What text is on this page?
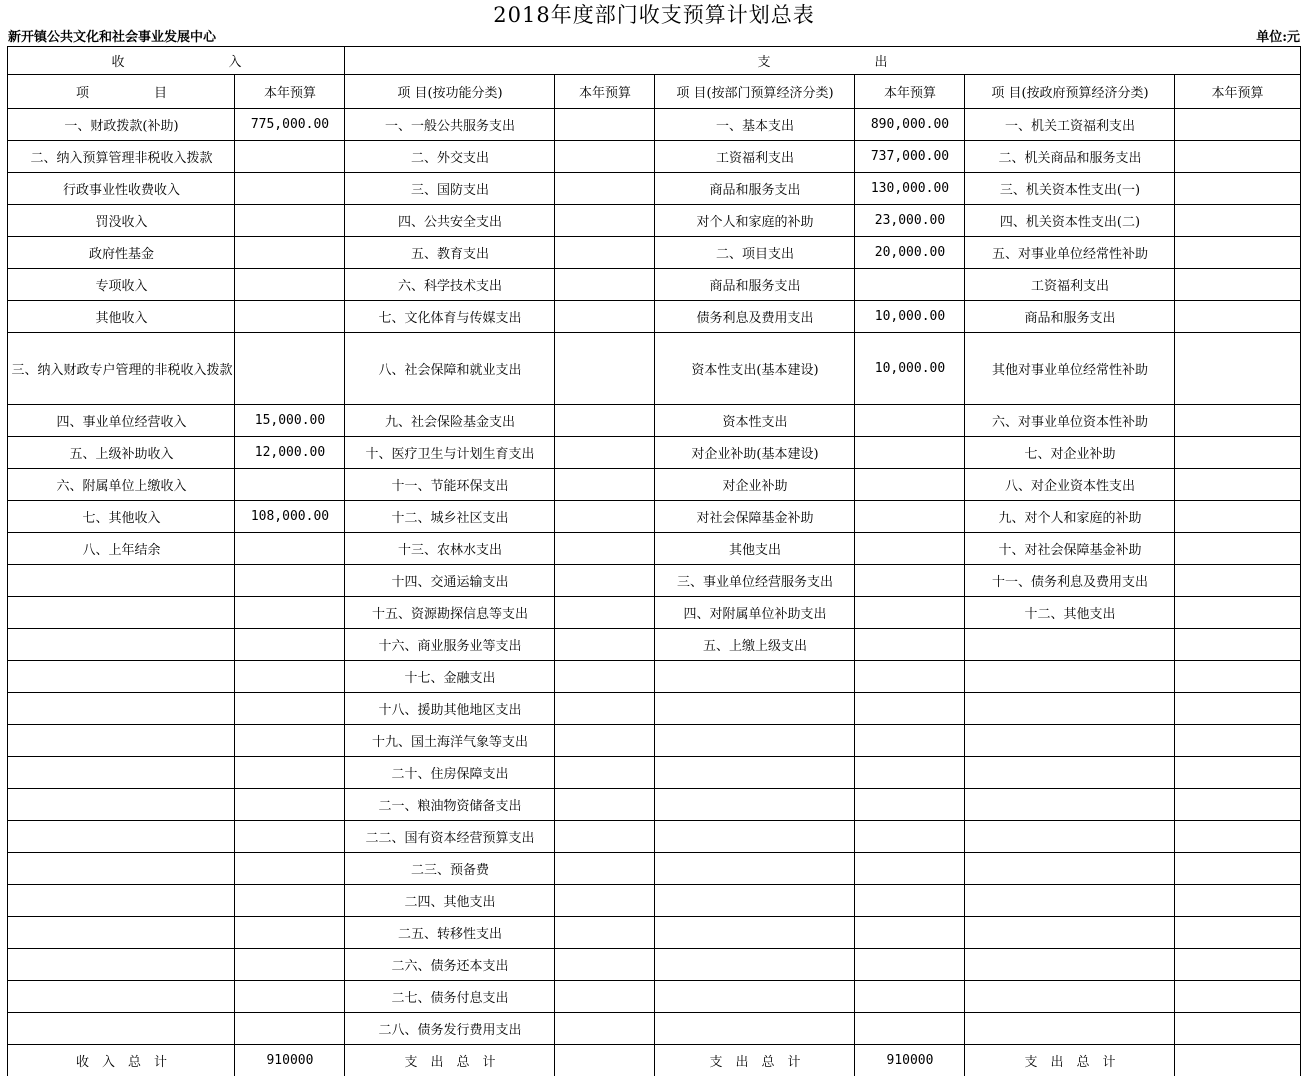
2018年度部门收支预算计划总表
新开镇公共文化和社会事业发展中心	单位:元
收　　　　　　　　入		支　　　　　　　　出					
项　　　　　目	本年预算	项 目(按功能分类)	本年预算	项 目(按部门预算经济分类)	本年预算	项 目(按政府预算经济分类)	本年预算
一、财政拨款(补助)	775,000.00	一、一般公共服务支出		一、基本支出	890,000.00	一、机关工资福利支出	
二、纳入预算管理非税收入拨款		二、外交支出		工资福利支出	737,000.00	二、机关商品和服务支出	
行政事业性收费收入		三、国防支出		商品和服务支出	130,000.00	三、机关资本性支出(一)	
罚没收入		四、公共安全支出		对个人和家庭的补助	23,000.00	四、机关资本性支出(二)	
政府性基金		五、教育支出		二、项目支出	20,000.00	五、对事业单位经常性补助	
专项收入		六、科学技术支出		商品和服务支出		工资福利支出	
其他收入		七、文化体育与传媒支出		债务利息及费用支出	10,000.00	商品和服务支出	
三、纳入财政专户管理的非税收入拨款		八、社会保障和就业支出		资本性支出(基本建设)	10,000.00	其他对事业单位经常性补助	
四、事业单位经营收入	15,000.00	九、社会保险基金支出		资本性支出		六、对事业单位资本性补助	
五、上级补助收入	12,000.00	十、医疗卫生与计划生育支出		对企业补助(基本建设)		七、对企业补助	
六、附属单位上缴收入		十一、节能环保支出		对企业补助		八、对企业资本性支出	
七、其他收入	108,000.00	十二、城乡社区支出		对社会保障基金补助		九、对个人和家庭的补助	
八、上年结余		十三、农林水支出		其他支出		十、对社会保障基金补助	
		十四、交通运输支出		三、事业单位经营服务支出		十一、债务利息及费用支出	
		十五、资源勘探信息等支出		四、对附属单位补助支出		十二、其他支出	
		十六、商业服务业等支出		五、上缴上级支出			
		十七、金融支出					
		十八、援助其他地区支出					
		十九、国土海洋气象等支出					
		二十、住房保障支出					
		二一、粮油物资储备支出					
		二二、国有资本经营预算支出					
		二三、预备费					
		二四、其他支出					
		二五、转移性支出					
		二六、债务还本支出					
		二七、债务付息支出					
		二八、债务发行费用支出					
收　入　总　计	910000	支　出　总　计		支　出　总　计	910000	支　出　总　计	
